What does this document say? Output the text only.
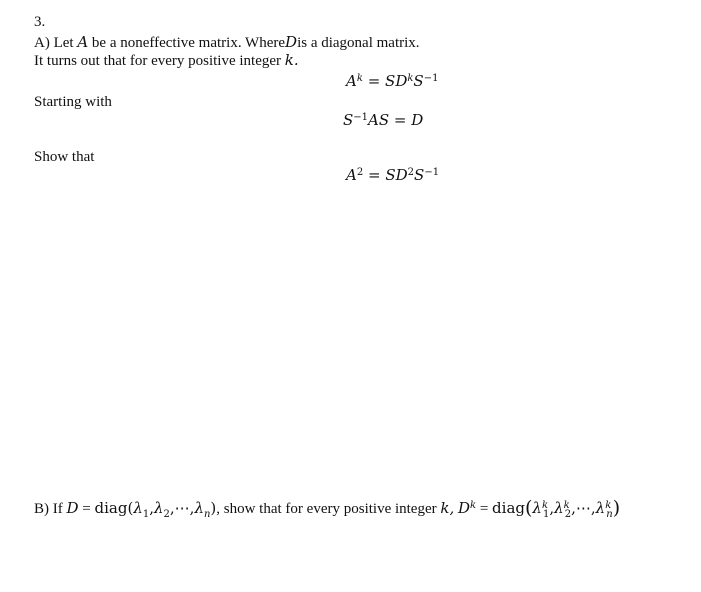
3.
A) Let A be a noneffective matrix. WhereDis a diagonal matrix.
It turns out that for every positive integer k.
$A^k = SD^kS^{-1}$
Starting with
$S^{-1}AS = D$
Show that
$A^2 = SD^2S^{-1}$
B) If $D = diag(\lambda_1,\lambda_2,\cdots,\lambda_n)$, show that for every positive integer k, $D^k$ = $diag(\lambda^k_1,\lambda^k_2,\cdots,\lambda^k_n)$
